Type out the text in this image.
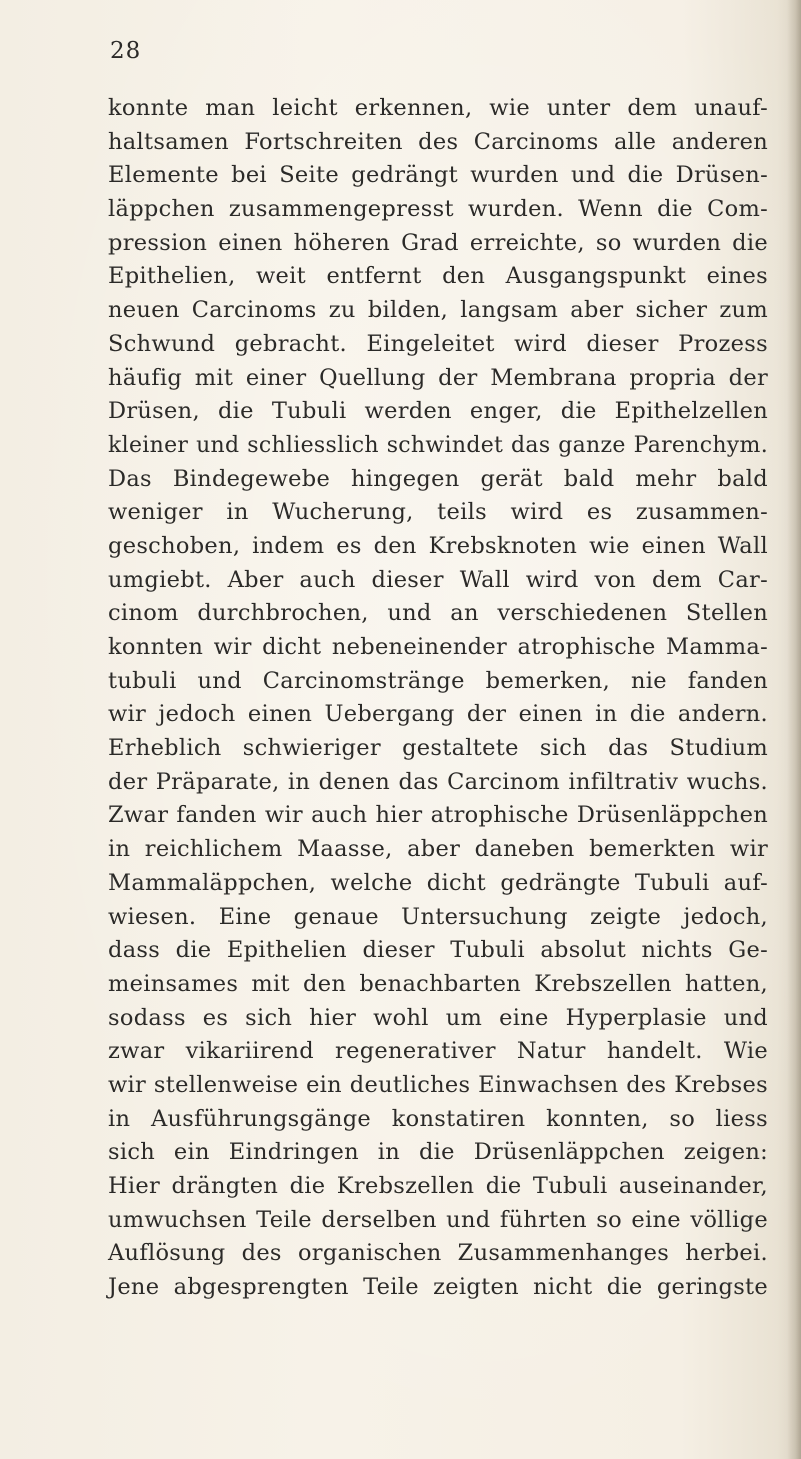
28
konnte man leicht erkennen, wie unter dem unauf-
haltsamen Fortschreiten des Carcinoms alle anderen
Elemente bei Seite gedrängt wurden und die Drüsen-
läppchen zusammengepresst wurden. Wenn die Com-
pression einen höheren Grad erreichte, so wurden die
Epithelien, weit entfernt den Ausgangspunkt eines
neuen Carcinoms zu bilden, langsam aber sicher zum
Schwund gebracht. Eingeleitet wird dieser Prozess
häufig mit einer Quellung der Membrana propria der
Drüsen, die Tubuli werden enger, die Epithelzellen
kleiner und schliesslich schwindet das ganze Parenchym.
Das Bindegewebe hingegen gerät bald mehr bald
weniger in Wucherung, teils wird es zusammen-
geschoben, indem es den Krebsknoten wie einen Wall
umgiebt. Aber auch dieser Wall wird von dem Car-
cinom durchbrochen, und an verschiedenen Stellen
konnten wir dicht nebeneinender atrophische Mamma-
tubuli und Carcinomstränge bemerken, nie fanden
wir jedoch einen Uebergang der einen in die andern.
Erheblich schwieriger gestaltete sich das Studium
der Präparate, in denen das Carcinom infiltrativ wuchs.
Zwar fanden wir auch hier atrophische Drüsenläppchen
in reichlichem Maasse, aber daneben bemerkten wir
Mammaläppchen, welche dicht gedrängte Tubuli auf-
wiesen. Eine genaue Untersuchung zeigte jedoch,
dass die Epithelien dieser Tubuli absolut nichts Ge-
meinsames mit den benachbarten Krebszellen hatten,
sodass es sich hier wohl um eine Hyperplasie und
zwar vikariirend regenerativer Natur handelt. Wie
wir stellenweise ein deutliches Einwachsen des Krebses
in Ausführungsgänge konstatiren konnten, so liess
sich ein Eindringen in die Drüsenläppchen zeigen:
Hier drängten die Krebszellen die Tubuli auseinander,
umwuchsen Teile derselben und führten so eine völlige
Auflösung des organischen Zusammenhanges herbei.
Jene abgesprengten Teile zeigten nicht die geringste
